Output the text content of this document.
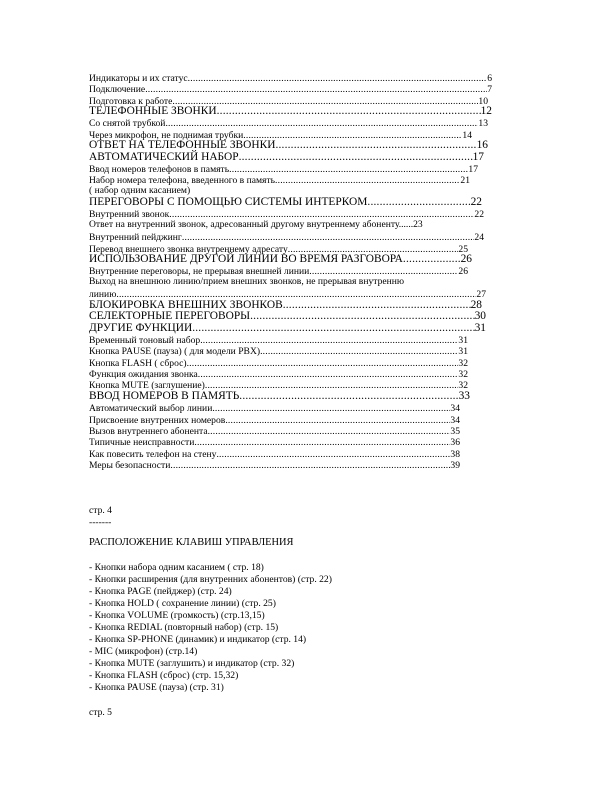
Индикаторы и их статус .....	6
Подключение .....	7
Подготовка к работе .....	10
ТЕЛЕФОННЫЕ ЗВОНКИ .....	12
Со снятой трубкой .....	13
Через микрофон, не поднимая трубки .....	14
ОТВЕТ НА ТЕЛЕФОННЫЕ ЗВОНКИ .....	16
АВТОМАТИЧЕСКИЙ НАБОР .....	17
Ввод номеров телефонов в память .....	17
Набор номера телефона, введенного в память .....	21
( набор одним касанием)
ПЕРЕГОВОРЫ С ПОМОЩЬЮ СИСТЕМЫ ИНТЕРКОМ .....	22
Внутренний звонок .....	22
Ответ на внутренний звонок, адресованный другому внутреннему абоненту......23
Внутренний пейджинг .....	24
Перевод внешнего звонка внутреннему адресату .....	25
ИСПОЛЬЗОВАНИЕ ДРУГОЙ ЛИНИИ ВО ВРЕМЯ РАЗГОВОРА .....	26
Внутренние переговоры, не прерывая внешней линии .....	26
Выход на внешнюю линию/прием внешних звонков, не прерывая внутренню
линию .....	27
БЛОКИРОВКА ВНЕШНИХ ЗВОНКОВ .....	28
СЕЛЕКТОРНЫЕ ПЕРЕГОВОРЫ .....	30
ДРУГИЕ ФУНКЦИИ .....	31
Временный тоновый набор .....	31
Кнопка PAUSE (пауза) ( для модели PBX) .....	31
Кнопка FLASH ( сброс) .....	32
Функция ожидания звонка .....	32
Кнопка MUTE (заглушение) .....	32
ВВОД НОМЕРОВ В ПАМЯТЬ .....	33
Автоматический выбор линии .....	34
Присвоение внутренних номеров .....	34
Вызов внутреннего абонента .....	35
Типичные неисправности .....	36
Как повесить телефон на стену .....	38
Меры безопасности .....	39
стр. 4
-------
РАСПОЛОЖЕНИЕ КЛАВИШ УПРАВЛЕНИЯ
- Кнопки набора одним касанием ( стр. 18)
- Кнопки расширения (для внутренних абонентов) (стр. 22)
- Кнопка PAGE (пейджер) (стр. 24)
- Кнопка HOLD ( сохранение линии) (стр. 25)
- Кнопка VOLUME (громкость) (стр.13,15)
- Кнопка REDIAL (повторный набор) (стр. 15)
- Кнопка SP-PHONE (динамик) и индикатор (стр. 14)
- MIC (микрофон) (стр.14)
- Кнопка MUTE (заглушить) и индикатор (стр. 32)
- Кнопка FLASH (сброс) (стр. 15,32)
- Кнопка PAUSE (пауза) (стр. 31)
стр. 5
